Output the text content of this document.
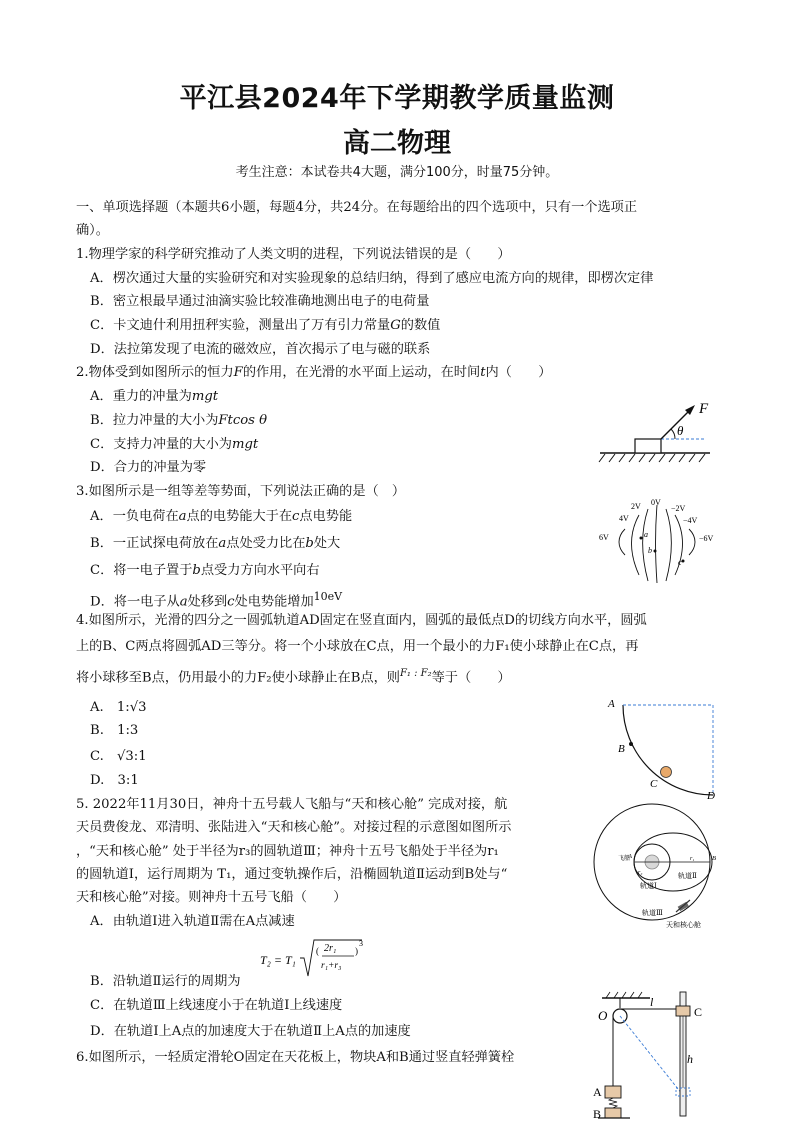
平江县2024年下学期教学质量监测
高二物理
考生注意：本试卷共4大题，满分100分，时量75分钟。
一、单项选择题（本题共6小题，每题4分，共24分。在每题给出的四个选项中，只有一个选项正
确）。
1.物理学家的科学研究推动了人类文明的进程，下列说法错误的是（　　）
A．楞次通过大量的实验研究和对实验现象的总结归纳，得到了感应电流方向的规律，即楞次定律
B．密立根最早通过油滴实验比较准确地测出电子的电荷量
C．卡文迪什利用扭秤实验，测量出了万有引力常量G的数值
D．法拉第发现了电流的磁效应，首次揭示了电与磁的联系
2.物体受到如图所示的恒力F的作用，在光滑的水平面上运动，在时间t内（　　）
A．重力的冲量为mgt
B．拉力冲量的大小为Ftcos θ
C．支持力冲量的大小为mgt
D．合力的冲量为零
F
θ
3.如图所示是一组等差等势面，下列说法正确的是（　）
A．一负电荷在a点的电势能大于在c点电势能
B．一正试探电荷放在a点处受力比在b处大
C．将一电子置于b点受力方向水平向右
D．将一电子从a处移到c处电势能增加$^{10eV}$
2V 0V
−2V
4V	−4V
6V	−6V
a
b
c
4.如图所示，光滑的四分之一圆弧轨道AD固定在竖直面内，圆弧的最低点D的切线方向水平，圆弧
上的B、C两点将圆弧AD三等分。将一个小球放在C点，用一个最小的力F₁使小球静止在C点，再
将小球移至B点，仍用最小的力F₂使小球静止在B点，则$^{F_1 : F_2}$等于（　　）
A.　1:√3
B.　1:3
C.　√3:1
D.　3:1
A
B
C
D
5. 2022年11月30日，神舟十五号载人飞船与“天和核心舱” 完成对接，航
天员费俊龙、邓清明、张陆进入“天和核心舱”。对接过程的示意图如图所示
，“天和核心舱” 处于半径为r₃的圆轨道Ⅲ；神舟十五号飞船处于半径为r₁
的圆轨道Ⅰ，运行周期为 T₁，通过变轨操作后，沿椭圆轨道Ⅱ运动到B处与“
天和核心舱”对接。则神舟十五号飞船（　　）
A．由轨道Ⅰ进入轨道Ⅱ需在A点减速
B．沿轨道Ⅱ运行的周期为
T₂ = T₁
( 2r₁
r₁+r₃
)
3
C．在轨道Ⅲ上线速度小于在轨道Ⅰ上线速度
D．在轨道Ⅰ上A点的加速度大于在轨道Ⅱ上A点的加速度
飞船
A	B
r₁
r₃
轨道Ⅰ
轨道Ⅱ
轨道Ⅲ
天和核心舱
6.如图所示，一轻质定滑轮O固定在天花板上，物块A和B通过竖直轻弹簧栓
O
l
C
h
A
B
